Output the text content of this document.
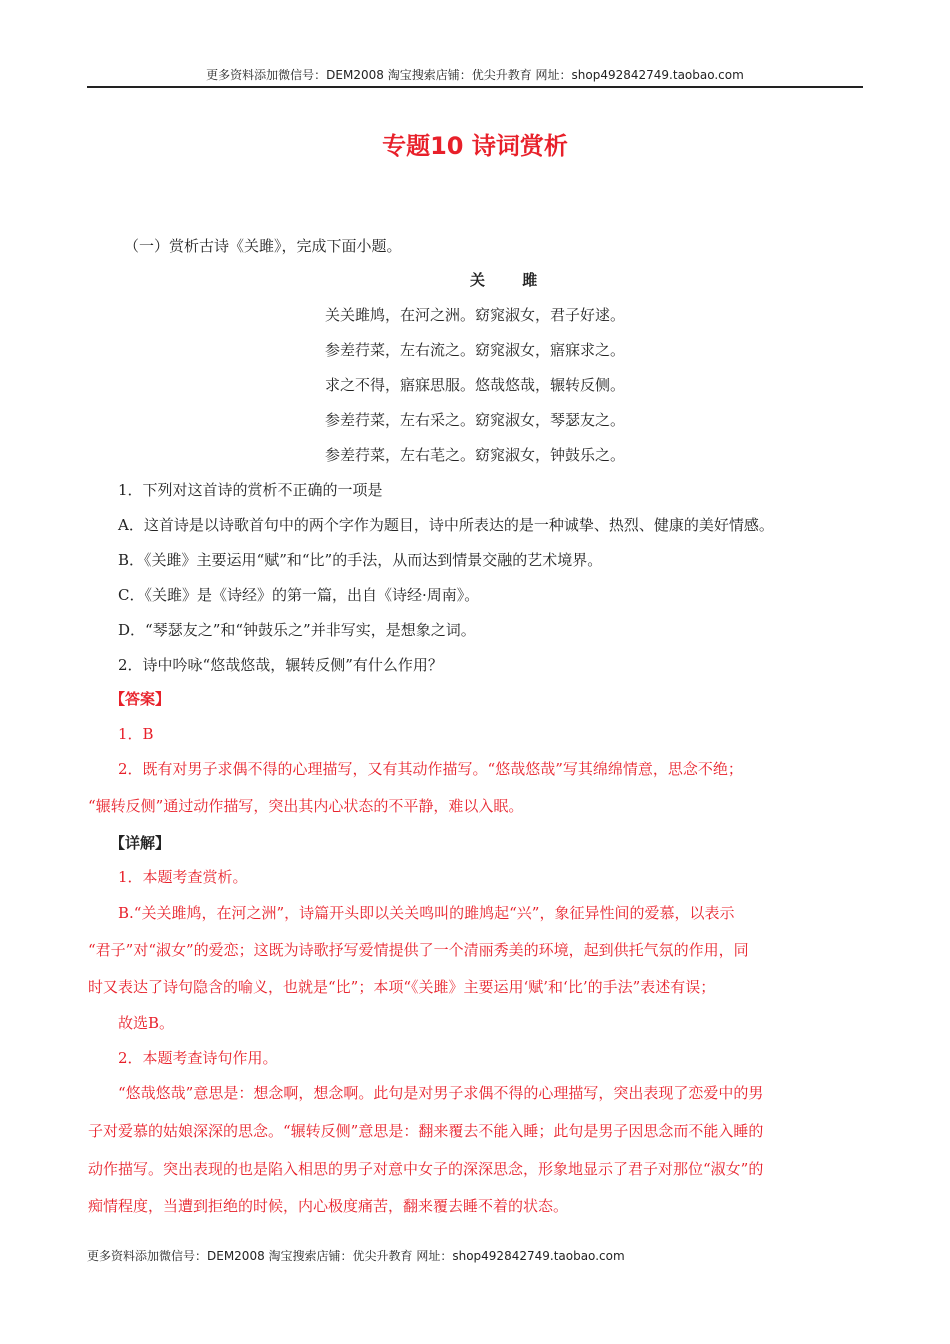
更多资料添加微信号：DEM2008 淘宝搜索店铺：优尖升教育 网址：shop492842749.taobao.com
专题10 诗词赏析
（一）赏析古诗《关雎》，完成下面小题。
关 雎
关关雎鸠，在河之洲。窈窕淑女，君子好逑。
参差荇菜，左右流之。窈窕淑女，寤寐求之。
求之不得，寤寐思服。悠哉悠哉，辗转反侧。
参差荇菜，左右采之。窈窕淑女，琴瑟友之。
参差荇菜，左右芼之。窈窕淑女，钟鼓乐之。
1．下列对这首诗的赏析不正确的一项是
A．这首诗是以诗歌首句中的两个字作为题目，诗中所表达的是一种诚挚、热烈、健康的美好情感。
B．《关雎》主要运用“赋”和“比”的手法，从而达到情景交融的艺术境界。
C．《关雎》是《诗经》的第一篇，出自《诗经·周南》。
D．“琴瑟友之”和“钟鼓乐之”并非写实，是想象之词。
2．诗中吟咏“悠哉悠哉，辗转反侧”有什么作用？
【答案】
1．B
2．既有对男子求偶不得的心理描写，又有其动作描写。“悠哉悠哉”写其绵绵情意，思念不绝；
“辗转反侧”通过动作描写，突出其内心状态的不平静，难以入眠。
【详解】
1．本题考查赏析。
B.“关关雎鸠，在河之洲”，诗篇开头即以关关鸣叫的雎鸠起“兴”，象征异性间的爱慕，以表示
“君子”对“淑女”的爱恋；这既为诗歌抒写爱情提供了一个清丽秀美的环境，起到供托气氛的作用，同
时又表达了诗句隐含的喻义，也就是“比”；本项“《关雎》主要运用‘赋’和‘比’的手法”表述有误；
故选B。
2．本题考查诗句作用。
“悠哉悠哉”意思是：想念啊，想念啊。此句是对男子求偶不得的心理描写，突出表现了恋爱中的男
子对爱慕的姑娘深深的思念。“辗转反侧”意思是：翻来覆去不能入睡；此句是男子因思念而不能入睡的
动作描写。突出表现的也是陷入相思的男子对意中女子的深深思念，形象地显示了君子对那位“淑女”的
痴情程度，当遭到拒绝的时候，内心极度痛苦，翻来覆去睡不着的状态。
更多资料添加微信号：DEM2008 淘宝搜索店铺：优尖升教育 网址：shop492842749.taobao.com
